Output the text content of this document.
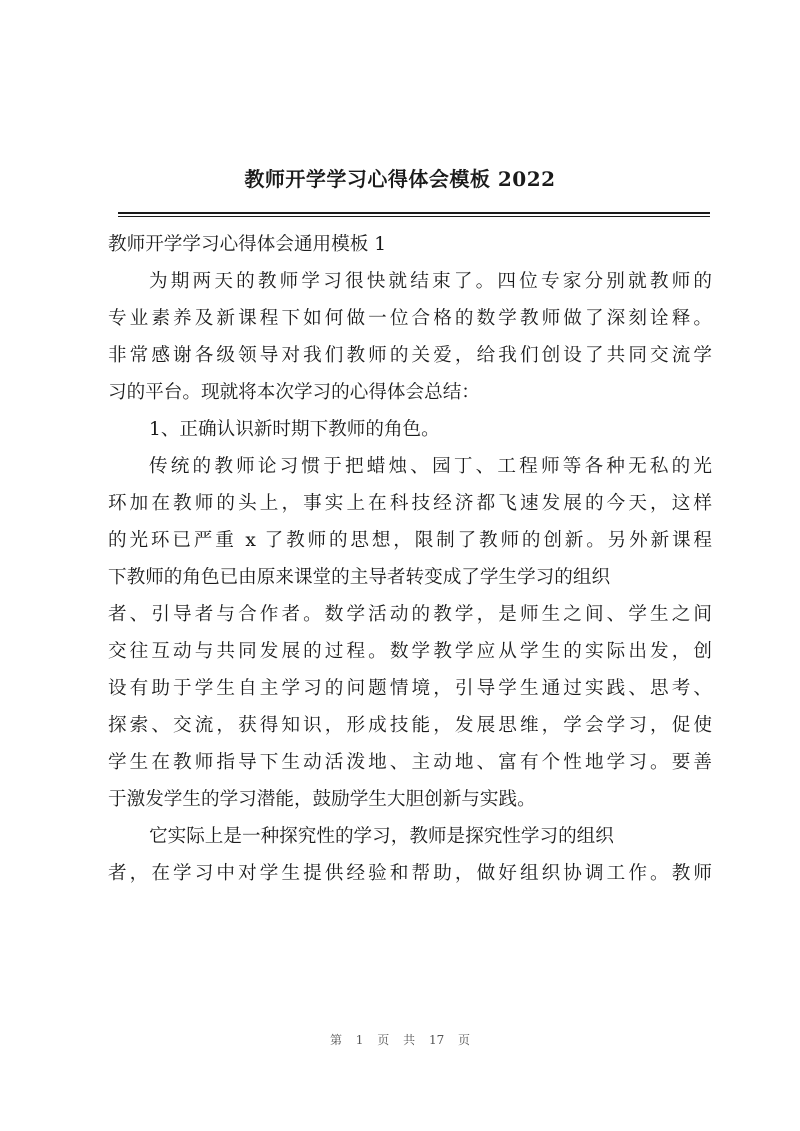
教师开学学习心得体会模板 2022
教师开学学习心得体会通用模板 1
为期两天的教师学习很快就结束了。四位专家分别就教师的
专业素养及新课程下如何做一位合格的数学教师做了深刻诠释。
非常感谢各级领导对我们教师的关爱，给我们创设了共同交流学
习的平台。现就将本次学习的心得体会总结：
1、正确认识新时期下教师的角色。
传统的教师论习惯于把蜡烛、园丁、工程师等各种无私的光
环加在教师的头上，事实上在科技经济都飞速发展的今天，这样
的光环已严重 x 了教师的思想，限制了教师的创新。另外新课程
下教师的角色已由原来课堂的主导者转变成了学生学习的组织
者、引导者与合作者。数学活动的教学，是师生之间、学生之间
交往互动与共同发展的过程。数学教学应从学生的实际出发，创
设有助于学生自主学习的问题情境，引导学生通过实践、思考、
探索、交流，获得知识，形成技能，发展思维，学会学习，促使
学生在教师指导下生动活泼地、主动地、富有个性地学习。要善
于激发学生的学习潜能，鼓励学生大胆创新与实践。
它实际上是一种探究性的学习，教师是探究性学习的组织
者，在学习中对学生提供经验和帮助，做好组织协调工作。教师
第 1 页 共 17 页
